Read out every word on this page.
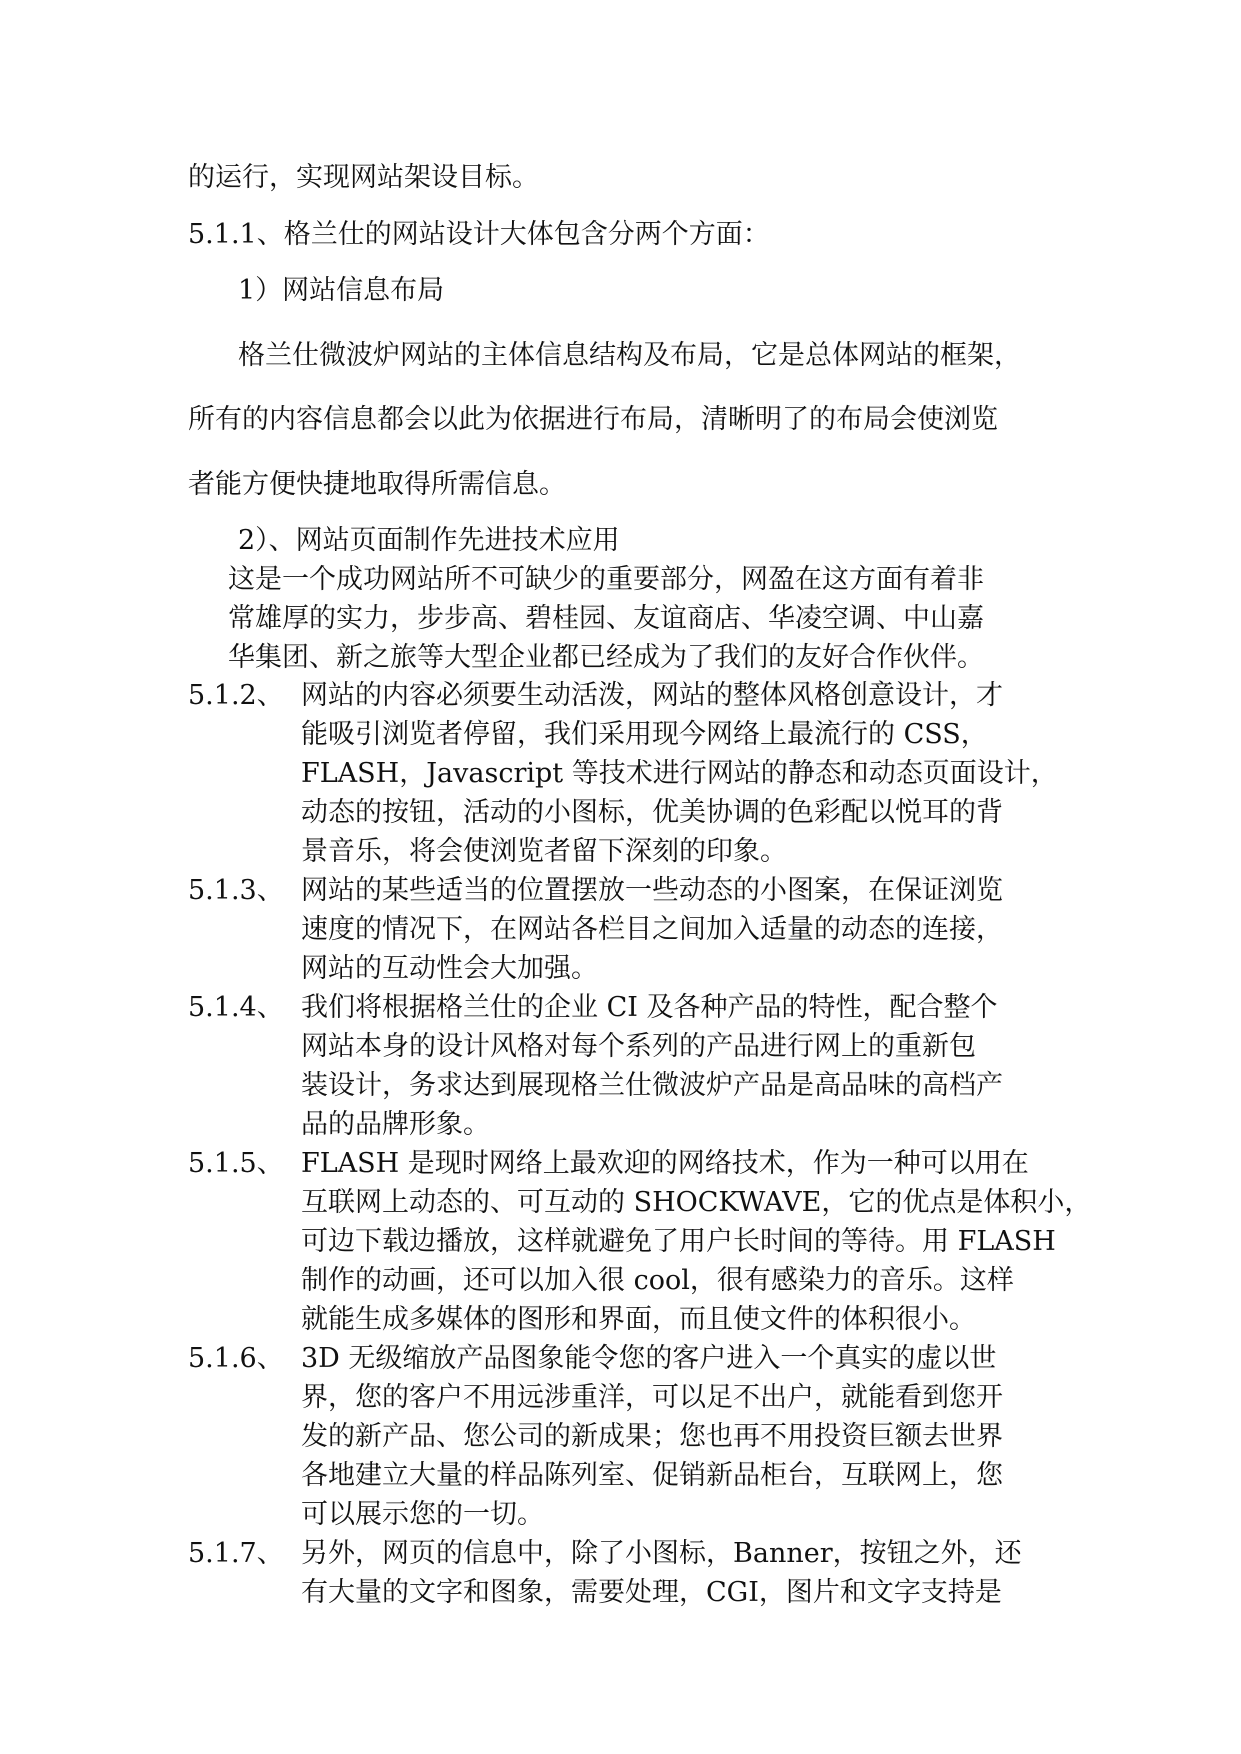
的运行，实现网站架设目标。
5.1.1、格兰仕的网站设计大体包含分两个方面：
1）网站信息布局
格兰仕微波炉网站的主体信息结构及布局，它是总体网站的框架，
所有的内容信息都会以此为依据进行布局，清晰明了的布局会使浏览
者能方便快捷地取得所需信息。
2）、网站页面制作先进技术应用
这是一个成功网站所不可缺少的重要部分，网盈在这方面有着非
常雄厚的实力，步步高、碧桂园、友谊商店、华凌空调、中山嘉
华集团、新之旅等大型企业都已经成为了我们的友好合作伙伴。
5.1.2、 网站的内容必须要生动活泼，网站的整体风格创意设计，才
能吸引浏览者停留，我们采用现今网络上最流行的 CSS，
FLASH，Javascript 等技术进行网站的静态和动态页面设计，
动态的按钮，活动的小图标，优美协调的色彩配以悦耳的背
景音乐，将会使浏览者留下深刻的印象。
5.1.3、 网站的某些适当的位置摆放一些动态的小图案，在保证浏览
速度的情况下，在网站各栏目之间加入适量的动态的连接，
网站的互动性会大加强。
5.1.4、 我们将根据格兰仕的企业 CI 及各种产品的特性，配合整个
网站本身的设计风格对每个系列的产品进行网上的重新包
装设计，务求达到展现格兰仕微波炉产品是高品味的高档产
品的品牌形象。
5.1.5、 FLASH 是现时网络上最欢迎的网络技术，作为一种可以用在
互联网上动态的、可互动的 SHOCKWAVE，它的优点是体积小，
可边下载边播放，这样就避免了用户长时间的等待。用 FLASH
制作的动画，还可以加入很 cool，很有感染力的音乐。这样
就能生成多媒体的图形和界面，而且使文件的体积很小。
5.1.6、 3D 无级缩放产品图象能令您的客户进入一个真实的虚以世
界，您的客户不用远涉重洋，可以足不出户，就能看到您开
发的新产品、您公司的新成果；您也再不用投资巨额去世界
各地建立大量的样品陈列室、促销新品柜台，互联网上，您
可以展示您的一切。
5.1.7、 另外，网页的信息中，除了小图标，Banner，按钮之外，还
有大量的文字和图象，需要处理，CGI，图片和文字支持是
